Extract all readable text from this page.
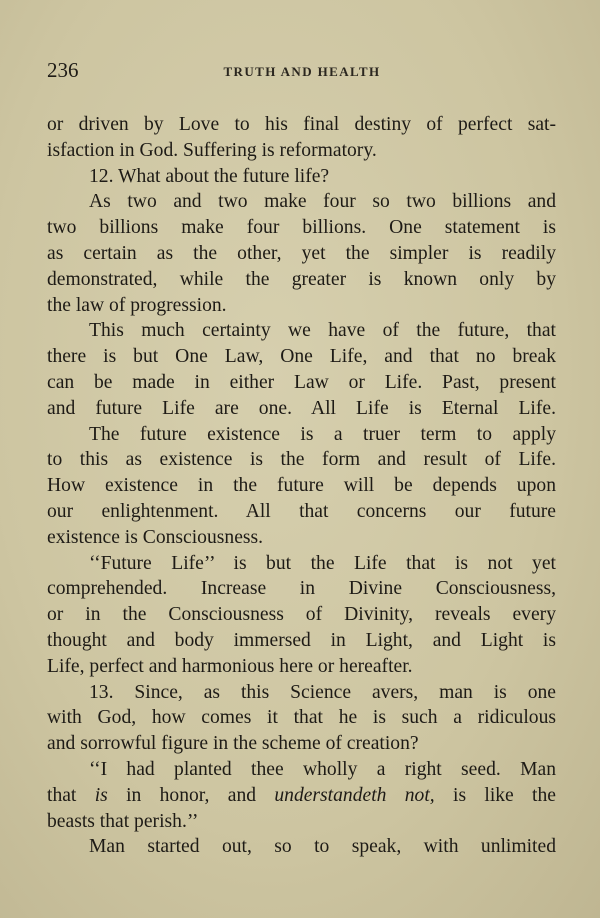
236	TRUTH AND HEALTH
or driven by Love to his final destiny of perfect sat-
isfaction in God. Suffering is reformatory.
12. What about the future life?
As two and two make four so two billions and
two billions make four billions. One statement is
as certain as the other, yet the simpler is readily
demonstrated, while the greater is known only by
the law of progression.
This much certainty we have of the future, that
there is but One Law, One Life, and that no break
can be made in either Law or Life. Past, present
and future Life are one. All Life is Eternal Life.
The future existence is a truer term to apply
to this as existence is the form and result of Life.
How existence in the future will be depends upon
our enlightenment. All that concerns our future
existence is Consciousness.
‘‘Future Life’’ is but the Life that is not yet
comprehended. Increase in Divine Consciousness,
or in the Consciousness of Divinity, reveals every
thought and body immersed in Light, and Light is
Life, perfect and harmonious here or hereafter.
13. Since, as this Science avers, man is one
with God, how comes it that he is such a ridiculous
and sorrowful figure in the scheme of creation?
‘‘I had planted thee wholly a right seed. Man
that is in honor, and understandeth not, is like the
beasts that perish.’’
Man started out, so to speak, with unlimited
